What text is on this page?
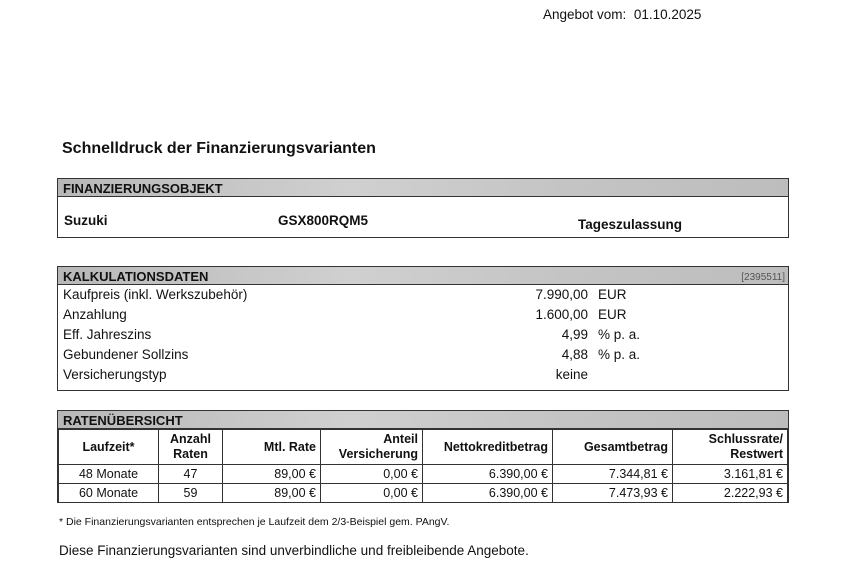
Angebot vom: 01.10.2025
Schnelldruck der Finanzierungsvarianten
FINANZIERUNGSOBJEKT
Suzuki	GSX800RQM5	Tageszulassung
KALKULATIONSDATEN	[2395511]
Kaufpreis (inkl. Werkszubehör)	7.990,00 EUR
Anzahlung	1.600,00 EUR
Eff. Jahreszins	4,99 % p. a.
Gebundener Sollzins	4,88 % p. a.
Versicherungstyp	keine
RATENÜBERSICHT
Laufzeit*	Anzahl Raten	Mtl. Rate	Anteil Versicherung	Nettokreditbetrag	Gesamtbetrag	Schlussrate/ Restwert
48 Monate	47	89,00 €	0,00 €	6.390,00 €	7.344,81 €	3.161,81 €
60 Monate	59	89,00 €	0,00 €	6.390,00 €	7.473,93 €	2.222,93 €
* Die Finanzierungsvarianten entsprechen je Laufzeit dem 2/3-Beispiel gem. PAngV.
Diese Finanzierungsvarianten sind unverbindliche und freibleibende Angebote.
